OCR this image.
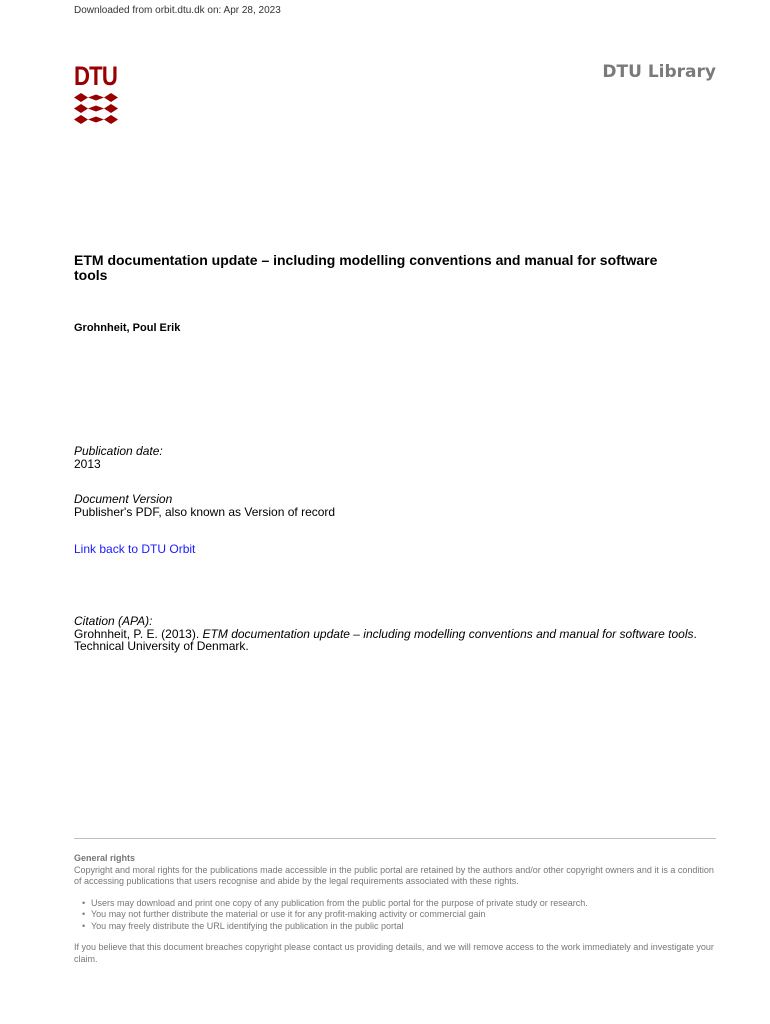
Downloaded from orbit.dtu.dk on: Apr 28, 2023
DTU	DTU Library
ETM documentation update – including modelling conventions and manual for software tools
Grohnheit, Poul Erik
Publication date:
2013
Document Version
Publisher's PDF, also known as Version of record
Link back to DTU Orbit
Citation (APA):
Grohnheit, P. E. (2013). ETM documentation update – including modelling conventions and manual for software tools. Technical University of Denmark.
General rights
Copyright and moral rights for the publications made accessible in the public portal are retained by the authors and/or other copyright owners and it is a condition of accessing publications that users recognise and abide by the legal requirements associated with these rights.
• Users may download and print one copy of any publication from the public portal for the purpose of private study or research.
• You may not further distribute the material or use it for any profit-making activity or commercial gain
• You may freely distribute the URL identifying the publication in the public portal
If you believe that this document breaches copyright please contact us providing details, and we will remove access to the work immediately and investigate your claim.
